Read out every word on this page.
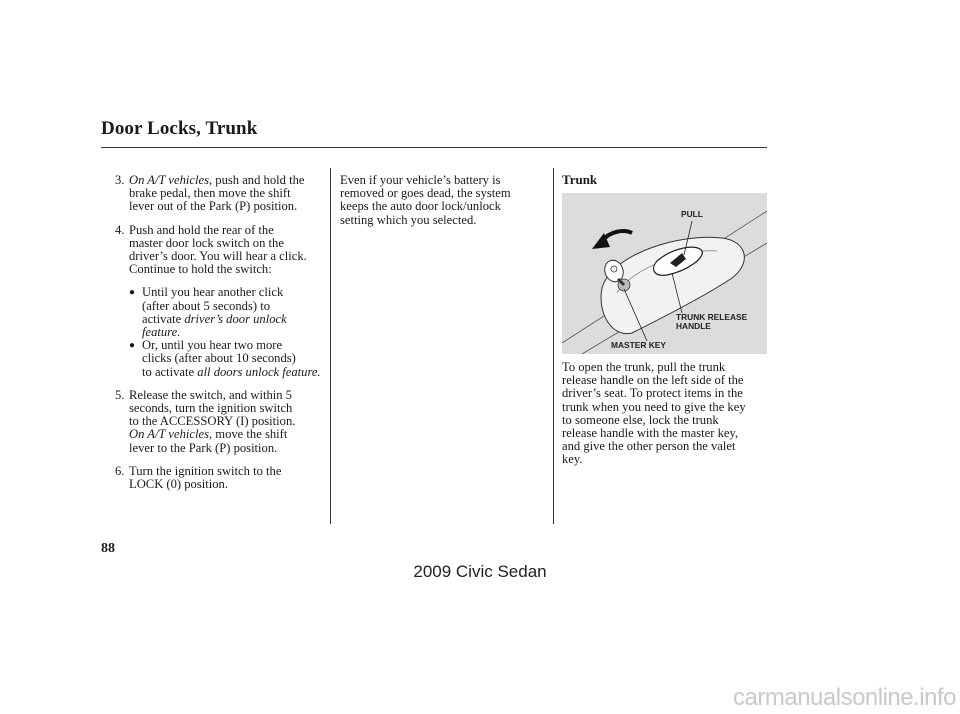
Door Locks, Trunk
3. On A/T vehicles, push and hold the

brake pedal, then move the shift

lever out of the Park (P) position.

4. Push and hold the rear of the

master door lock switch on the

driver’s door. You will hear a click.

Continue to hold the switch:

● Until you hear another click

(after about 5 seconds) to

activate driver’s door unlock

feature.

● Or, until you hear two more

clicks (after about 10 seconds)

to activate all doors unlock feature.

5. Release the switch, and within 5

seconds, turn the ignition switch

to the ACCESSORY (I) position.

On A/T vehicles, move the shift

lever to the Park (P) position.

6. Turn the ignition switch to the

LOCK (0) position.

Even if your vehicle’s battery is

removed or goes dead, the system

keeps the auto door lock/unlock

setting which you selected.

Trunk
PULL
TRUNK RELEASE
HANDLE
MASTER KEY

To open the trunk, pull the trunk

release handle on the left side of the

driver’s seat. To protect items in the

trunk when you need to give the key

to someone else, lock the trunk

release handle with the master key,

and give the other person the valet

key.

88
2009 Civic Sedan
carmanualsonline.info
